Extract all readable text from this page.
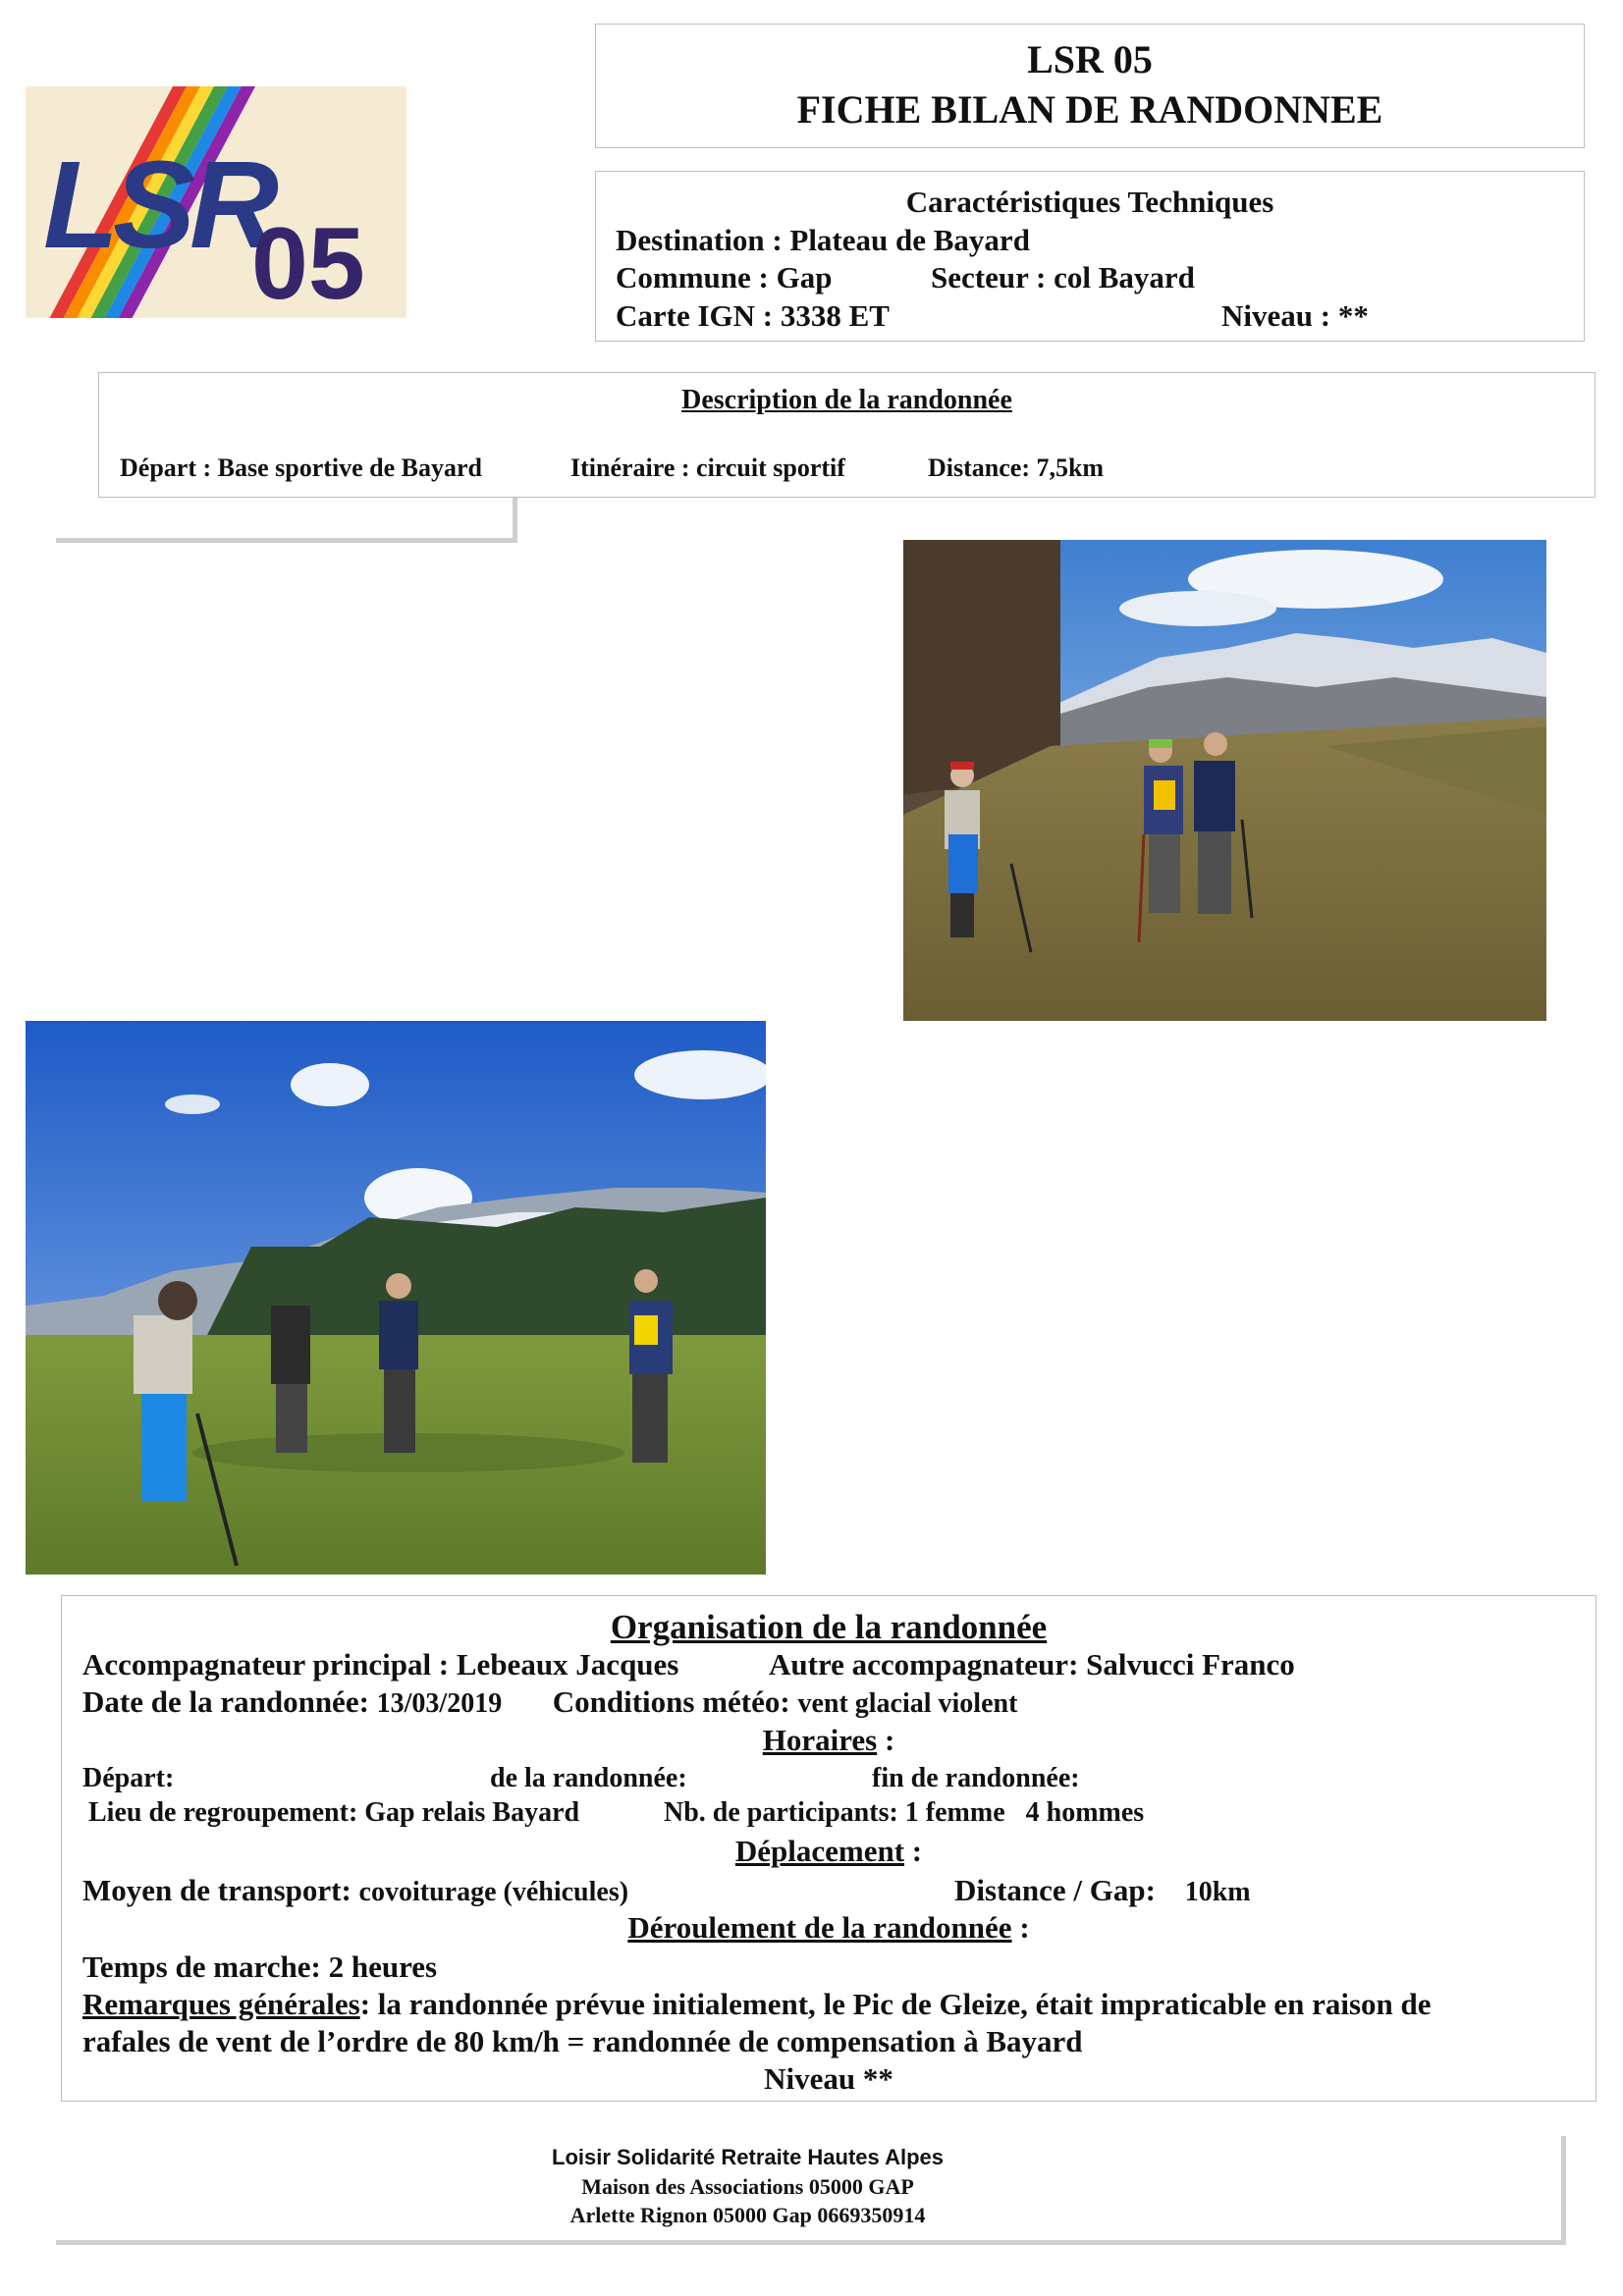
LSR
05
LSR 05
FICHE BILAN DE RANDONNEE
Caractéristiques Techniques
Destination : Plateau de Bayard
Commune : Gap	Secteur : col Bayard
Carte IGN : 3338 ET	Niveau : **
Description de la randonnée
Départ : Base sportive de Bayard	Itinéraire : circuit sportif	Distance: 7,5km
Organisation de la randonnée
Accompagnateur principal : Lebeaux Jacques	Autre accompagnateur: Salvucci Franco
Date de la randonnée: 13/03/2019 Conditions météo: vent glacial violent
Horaires :
Départ:	de la randonnée:	fin de randonnée:
Lieu de regroupement: Gap relais Bayard	Nb. de participants: 1 femme   4 hommes
Déplacement :
Moyen de transport: covoiturage (véhicules)	Distance / Gap: 10km
Déroulement de la randonnée :
Temps de marche: 2 heures
Remarques générales: la randonnée prévue initialement, le Pic de Gleize, était impraticable en raison de
rafales de vent de l’ordre de 80 km/h = randonnée de compensation à Bayard
Niveau **
Loisir Solidarité Retraite Hautes Alpes
Maison des Associations 05000 GAP
Arlette Rignon 05000 Gap 0669350914
